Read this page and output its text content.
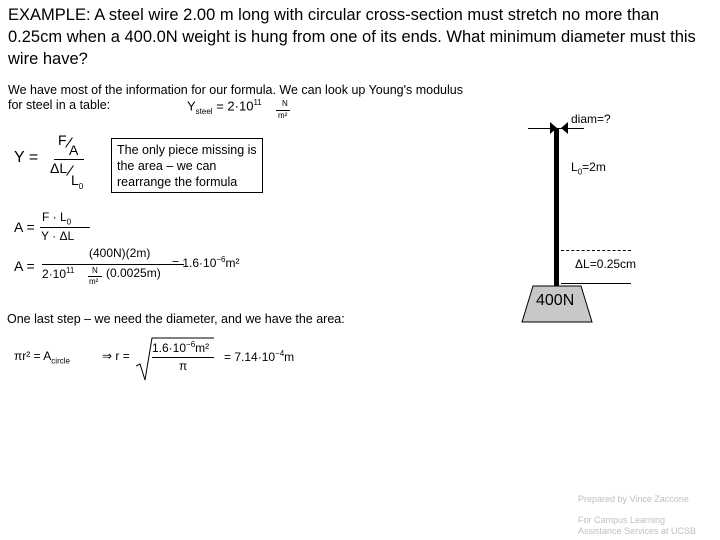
EXAMPLE: A steel wire 2.00 m long with circular cross-section must stretch no more than 0.25cm when a 400.0N weight is hung from one of its ends. What minimum diameter must this wire have?
We have most of the information for our formula. We can look up Young's modulus for steel in a table:	$Y_{steel} = 2\cdot 10^{11}$	N
m²
Y =
F
A
ΔL
$L_0$
The only piece missing is the area – we can rearrange the formula
A =
$F \cdot L_0$
Y · ΔL
A =
(400N)(2m)
$2\cdot 10^{11}$ N
m²
(0.0025m)
= $1.6\cdot 10^{-6}m^2$
One last step – we need the diameter, and we have the area:
$\pi r^2 = A_{circle}$	⇒ r =
$1.6\cdot 10^{-6}m^2$
π
= $7.14\cdot 10^{-4}m$
diam=?
$L_0=2m$
ΔL=0.25cm
400N
Prepared by Vince Zaccone
For Campus Learning
Assistance Services at UCSB
